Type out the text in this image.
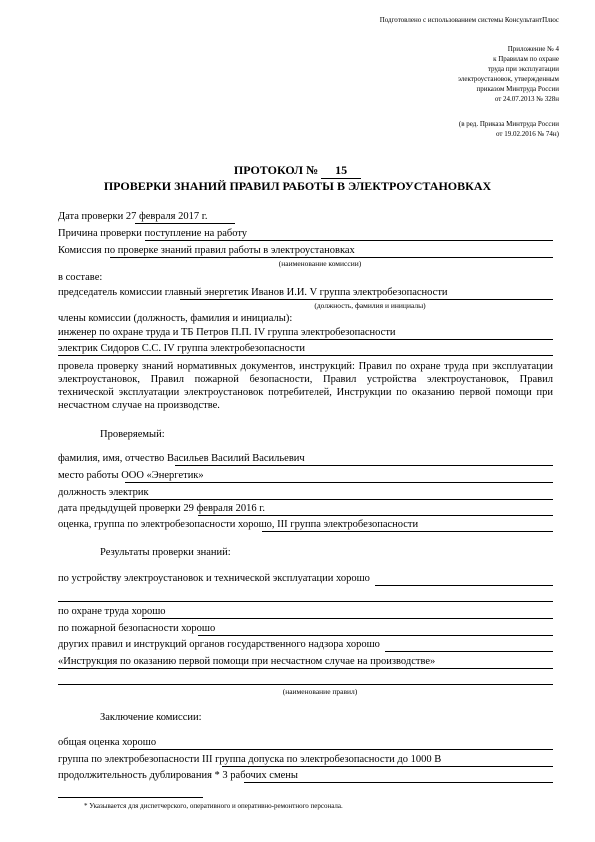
Подготовлено с использованием системы КонсультантПлюс
Приложение № 4
к Правилам по охране
труда при эксплуатации
электроустановок, утвержденным
приказом Минтруда России
от 24.07.2013 № 328н
(в ред. Приказа Минтруда России
от 19.02.2016 № 74н)
ПРОТОКОЛ № 15
ПРОВЕРКИ ЗНАНИЙ ПРАВИЛ РАБОТЫ В ЭЛЕКТРОУСТАНОВКАХ
Дата проверки 27 февраля 2017 г.
Причина проверки поступление на работу
Комиссия по проверке знаний правил работы в электроустановках
(наименование комиссии)
в составе:
председатель комиссии главный энергетик Иванов И.И. V группа электробезопасности
(должность, фамилия и инициалы)
члены комиссии (должность, фамилия и инициалы):
инженер по охране труда и ТБ Петров П.П. IV группа электробезопасности
электрик Сидоров С.С. IV группа электробезопасности
провела проверку знаний нормативных документов, инструкций: Правил по охране труда при эксплуатации электроустановок, Правил пожарной безопасности, Правил устройства электроустановок, Правил технической эксплуатации электроустановок потребителей, Инструкции по оказанию первой помощи при несчастном случае на производстве.
Проверяемый:
фамилия, имя, отчество Васильев Василий Васильевич
место работы ООО «Энергетик»
должность электрик
дата предыдущей проверки 29 февраля 2016 г.
оценка, группа по электробезопасности хорошо, III группа электробезопасности
Результаты проверки знаний:
по устройству электроустановок и технической эксплуатации хорошо
по охране труда хорошо
по пожарной безопасности хорошо
других правил и инструкций органов государственного надзора хорошо
«Инструкция по оказанию первой помощи при несчастном случае на производстве»
(наименование правил)
Заключение комиссии:
общая оценка хорошо
группа по электробезопасности III группа допуска по электробезопасности до 1000 В
продолжительность дублирования * 3 рабочих смены
* Указывается для диспетчерского, оперативного и оперативно-ремонтного персонала.
